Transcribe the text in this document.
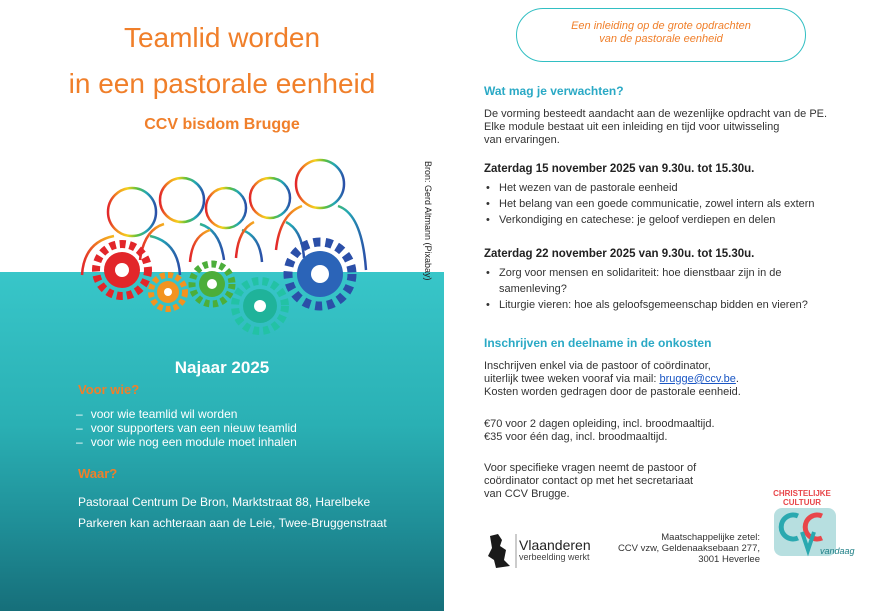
Teamlid worden
in een pastorale eenheid
CCV bisdom Brugge
Bron: Gerd Altmann (Pixabay)
Najaar 2025
Voor wie?
– voor wie teamlid wil worden
– voor supporters van een nieuw teamlid
– voor wie nog een module moet inhalen
Waar?
Pastoraal Centrum De Bron, Marktstraat 88, Harelbeke
Parkeren kan achteraan aan de Leie, Twee-Bruggenstraat
Een inleiding op de grote opdrachten
van de pastorale eenheid
Wat mag je verwachten?
De vorming besteedt aandacht aan de wezenlijke opdracht van de PE.
Elke module bestaat uit een inleiding en tijd voor uitwisseling
van ervaringen.
Zaterdag 15 november 2025 van 9.30u. tot 15.30u.
• Het wezen van de pastorale eenheid
• Het belang van een goede communicatie, zowel intern als extern
• Verkondiging en catechese: je geloof verdiepen en delen
Zaterdag 22 november 2025 van 9.30u. tot 15.30u.
• Zorg voor mensen en solidariteit: hoe dienstbaar zijn in de
samenleving?
• Liturgie vieren: hoe als geloofsgemeenschap bidden en vieren?
Inschrijven en deelname in de onkosten
Inschrijven enkel via de pastoor of coördinator,
uiterlijk twee weken vooraf via mail: brugge@ccv.be.
Kosten worden gedragen door de pastorale eenheid.
€70 voor 2 dagen opleiding, incl. broodmaaltijd.
€35 voor één dag, incl. broodmaaltijd.
Voor specifieke vragen neemt de pastoor of
coördinator contact op met het secretariaat
van CCV Brugge.
Vlaanderen
verbeelding werkt
Maatschappelijke zetel:
CCV vzw, Geldenaaksebaan 277,
3001 Heverlee
CHRISTELIJKE
CULTUUR
vandaag
